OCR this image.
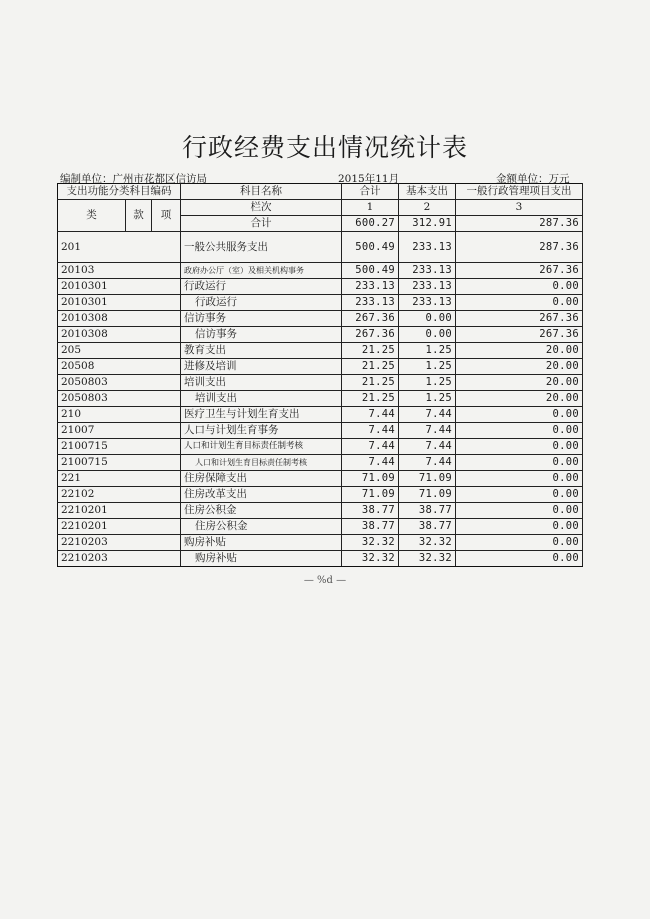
行政经费支出情况统计表
编制单位：广州市花都区信访局	2015年11月	金额单位：万元
支出功能分类科目编码			科目名称	合计	基本支出	一般行政管理项目支出
类	款	项	栏次	1	2	3
			合计	600.27	312.91	287.36
201			一般公共服务支出	500.49	233.13	287.36
20103			政府办公厅（室）及相关机构事务	500.49	233.13	267.36
2010301			行政运行	233.13	233.13	0.00
2010301			行政运行	233.13	233.13	0.00
2010308			信访事务	267.36	0.00	267.36
2010308			信访事务	267.36	0.00	267.36
205			教育支出	21.25	1.25	20.00
20508			进修及培训	21.25	1.25	20.00
2050803			培训支出	21.25	1.25	20.00
2050803			培训支出	21.25	1.25	20.00
210			医疗卫生与计划生育支出	7.44	7.44	0.00
21007			人口与计划生育事务	7.44	7.44	0.00
2100715			人口和计划生育目标责任制考核	7.44	7.44	0.00
2100715			人口和计划生育目标责任制考核	7.44	7.44	0.00
221			住房保障支出	71.09	71.09	0.00
22102			住房改革支出	71.09	71.09	0.00
2210201			住房公积金	38.77	38.77	0.00
2210201			住房公积金	38.77	38.77	0.00
2210203			购房补贴	32.32	32.32	0.00
2210203			购房补贴	32.32	32.32	0.00
— %d —
